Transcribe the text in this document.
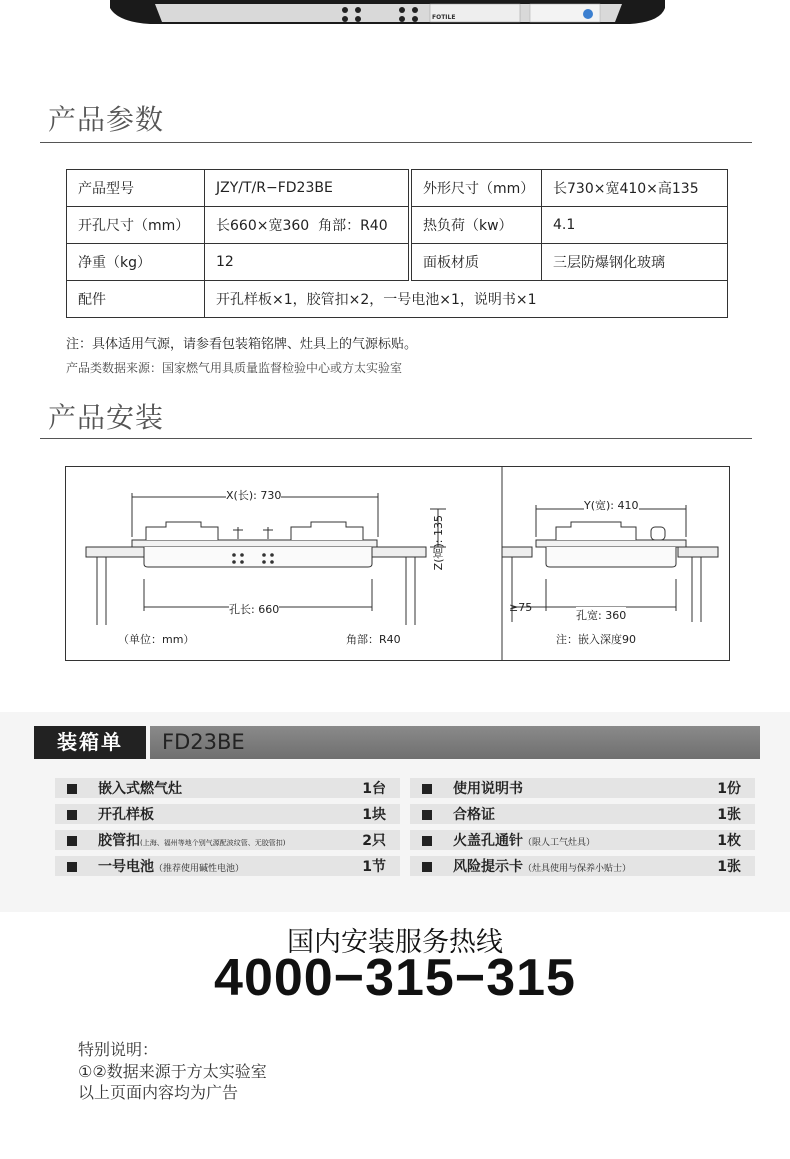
FOTILE
产品参数
产品型号	JZY/T/R−FD23BE	外形尺寸（mm）	长730×宽410×高135
开孔尺寸（mm）	长660×宽360  角部：R40	热负荷（kw）	4.1
净重（kg）	12	面板材质	三层防爆钢化玻璃
配件	开孔样板×1，胶管扣×2，一号电池×1，说明书×1		
注：具体适用气源，请参看包装箱铭牌、灶具上的气源标贴。
产品类数据来源：国家燃气用具质量监督检验中心或方太实验室
产品安装
X(长): 730
Z(高): 135
孔长: 660
（单位：mm）	角部：R40
Y(宽): 410
≥75
孔宽: 360
注：嵌入深度90
装箱单	FD23BE
嵌入式燃气灶	1台
开孔样板	1块
胶管扣(上海、福州等地个别气源配波纹管、无胶管扣)	2只
一号电池（推荐使用碱性电池）	1节
使用说明书	1份
合格证	1张
火盖孔通针（限人工气灶具）	1枚
风险提示卡（灶具使用与保养小贴士）	1张
国内安装服务热线
4000−315−315
特别说明：
①②数据来源于方太实验室
以上页面内容均为广告
